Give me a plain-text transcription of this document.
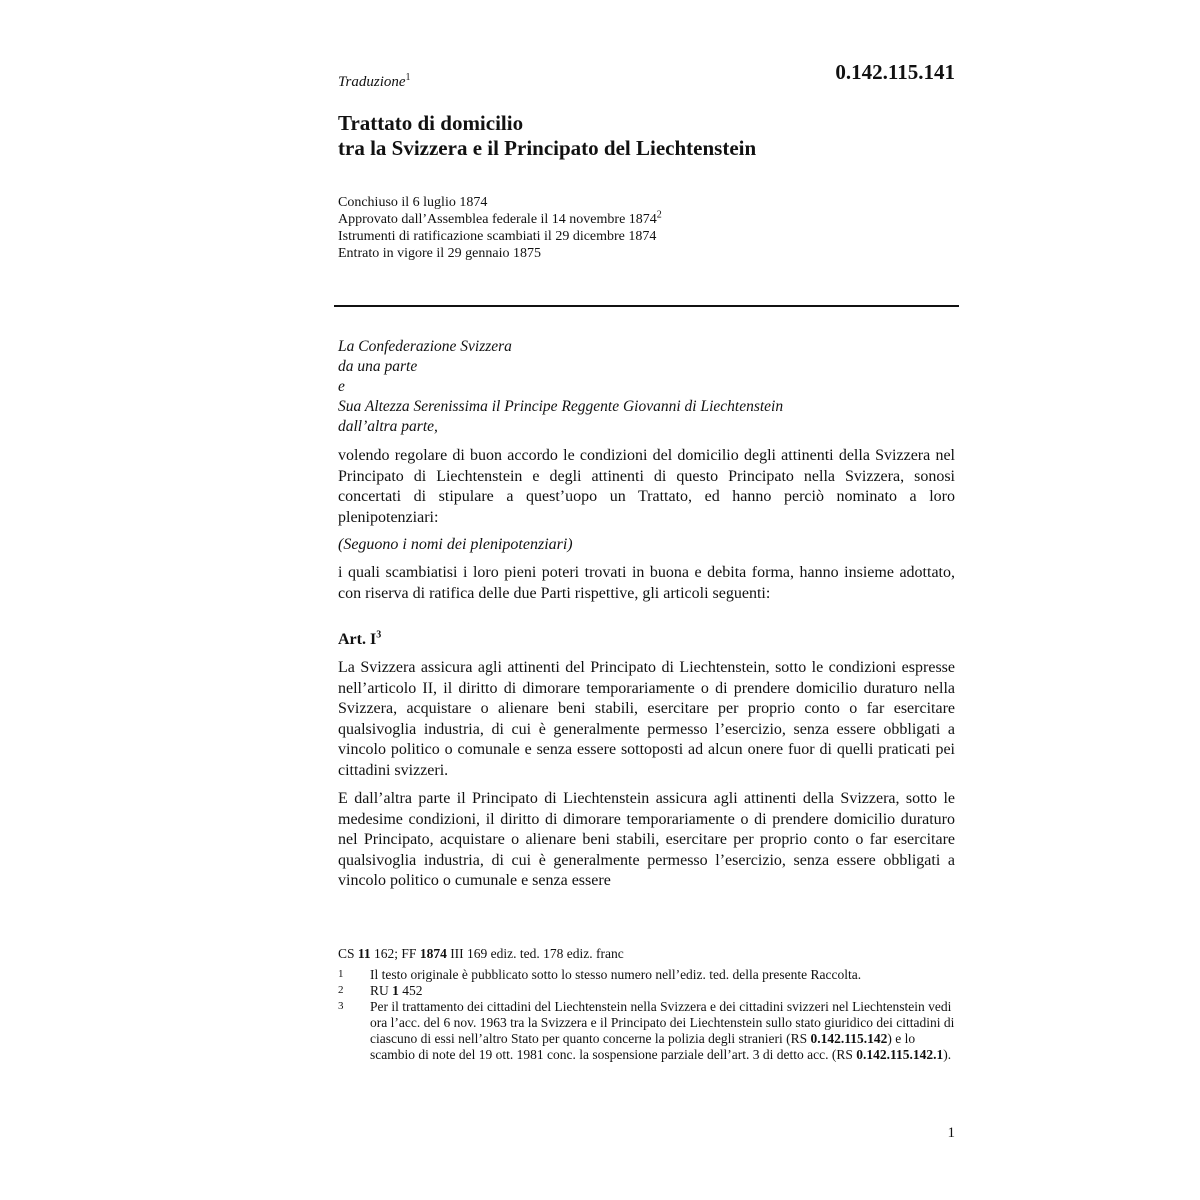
0.142.115.141
Traduzione$^1$
Trattato di domicilio
tra la Svizzera e il Principato del Liechtenstein
Conchiuso il 6 luglio 1874
Approvato dall’Assemblea federale il 14 novembre 1874$^2$
Istrumenti di ratificazione scambiati il 29 dicembre 1874
Entrato in vigore il 29 gennaio 1875
La Confederazione Svizzera
da una parte
e
Sua Altezza Serenissima il Principe Reggente Giovanni di Liechtenstein
dall’altra parte,

volendo regolare di buon accordo le condizioni del domicilio degli attinenti della Svizzera nel Principato di Liechtenstein e degli attinenti di questo Principato nella Svizzera, sonosi concertati di stipulare a quest’uopo un Trattato, ed hanno perciò nominato a loro plenipotenziari:

(Seguono i nomi dei plenipotenziari)

i quali scambiatisi i loro pieni poteri trovati in buona e debita forma, hanno insieme adottato, con riserva di ratifica delle due Parti rispettive, gli articoli seguenti:

Art. $I^3$

La Svizzera assicura agli attinenti del Principato di Liechtenstein, sotto le condizioni espresse nell’articolo II, il diritto di dimorare temporariamente o di prendere domicilio duraturo nella Svizzera, acquistare o alienare beni stabili, esercitare per proprio conto o far esercitare qualsivoglia industria, di cui è generalmente permesso l’esercizio, senza essere obbligati a vincolo politico o comunale e senza essere sottoposti ad alcun onere fuor di quelli praticati pei cittadini svizzeri.

E dall’altra parte il Principato di Liechtenstein assicura agli attinenti della Svizzera, sotto le medesime condizioni, il diritto di dimorare temporariamente o di prendere domicilio duraturo nel Principato, acquistare o alienare beni stabili, esercitare per proprio conto o far esercitare qualsivoglia industria, di cui è generalmente permesso l’esercizio, senza essere obbligati a vincolo politico o cumunale e senza essere

CS 11 162; FF 1874 III 169 ediz. ted. 178 ediz. franc
1	Il testo originale è pubblicato sotto lo stesso numero nell’ediz. ted. della presente Raccolta.
2	RU 1 452
3	Per il trattamento dei cittadini del Liechtenstein nella Svizzera e dei cittadini svizzeri nel Liechtenstein vedi ora l’acc. del 6 nov. 1963 tra la Svizzera e il Principato dei Liechtenstein sullo stato giuridico dei cittadini di ciascuno di essi nell’altro Stato per quanto concerne la polizia degli stranieri (RS 0.142.115.142) e lo scambio di note del 19 ott. 1981 conc. la sospensione parziale dell’art. 3 di detto acc. (RS 0.142.115.142.1).
1
